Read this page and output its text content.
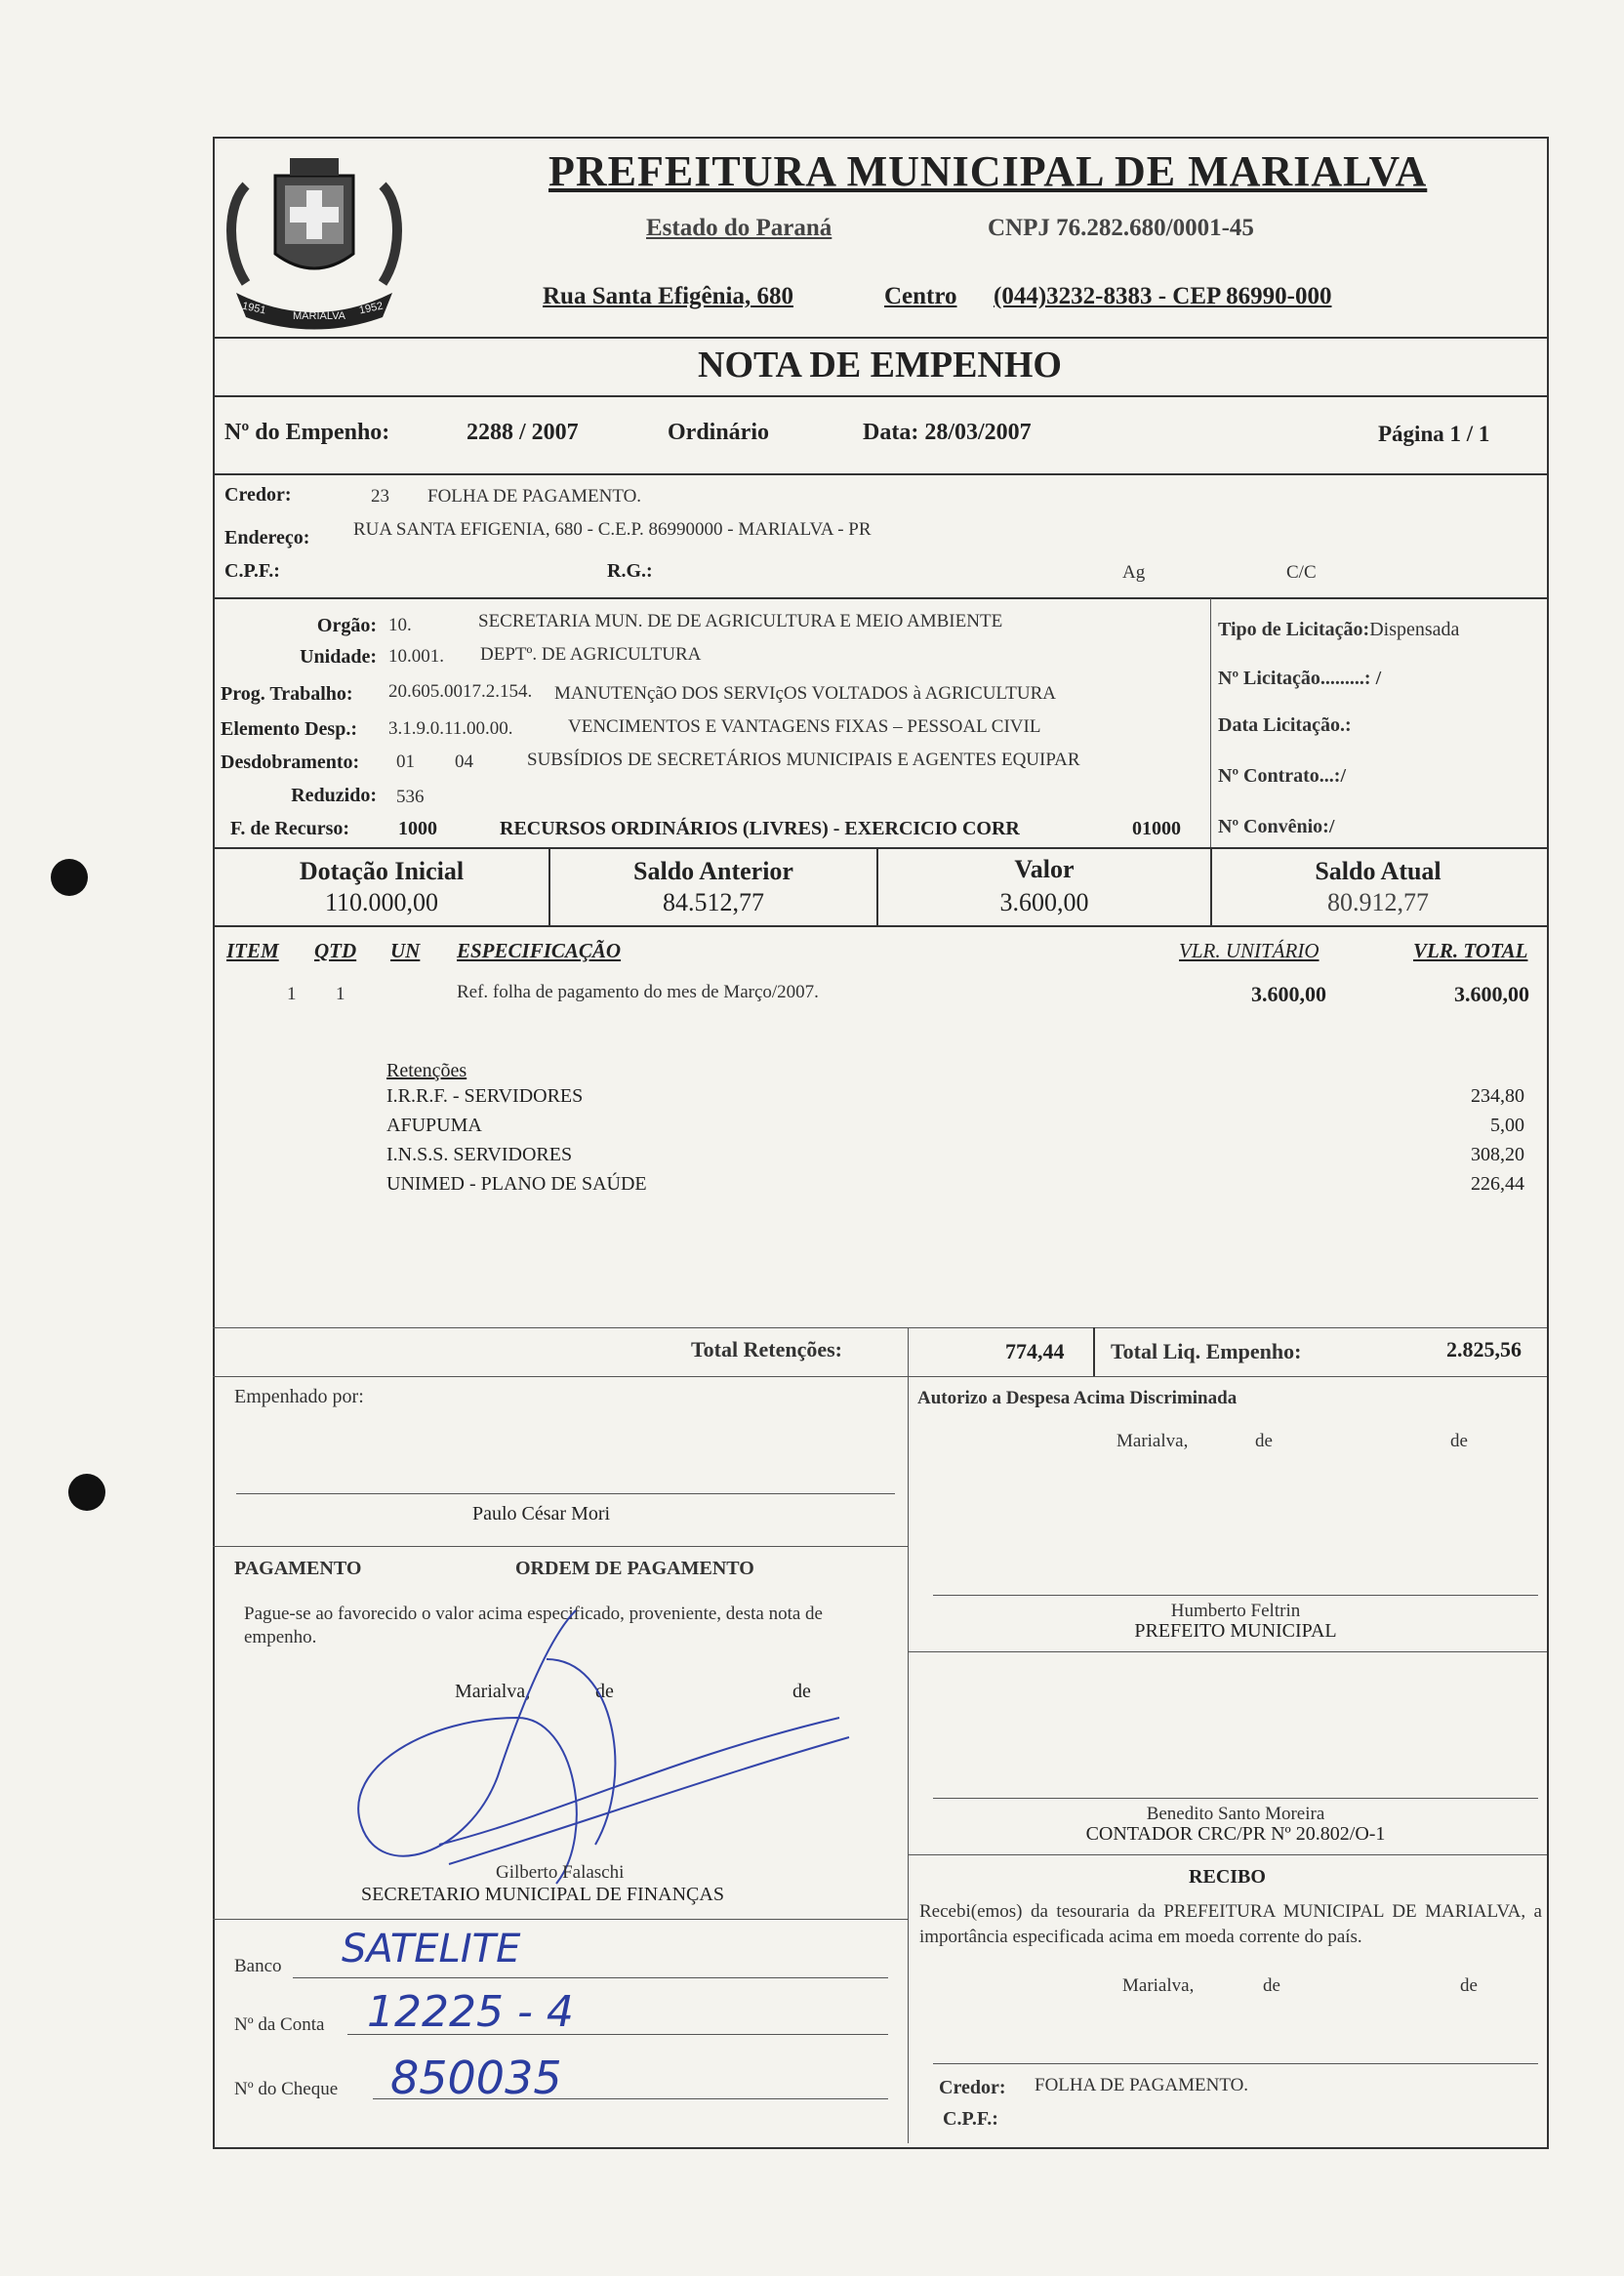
1951 MARIALVA 1952
PREFEITURA MUNICIPAL DE MARIALVA
Estado do Paraná	CNPJ 76.282.680/0001-45
Rua Santa Efigênia, 680	Centro (044)3232-8383 - CEP 86990-000
NOTA DE EMPENHO
Nº do Empenho:	2288 / 2007	Ordinário	Data: 28/03/2007	Página 1 / 1
Credor:	23 FOLHA DE PAGAMENTO.
Endereço: RUA SANTA EFIGENIA, 680 - C.E.P. 86990000 - MARIALVA - PR
C.P.F.:	R.G.:	Ag	C/C
Orgão: 10.	SECRETARIA MUN. DE DE AGRICULTURA E MEIO AMBIENTE
Unidade: 10.001. DEPTº. DE AGRICULTURA
Prog. Trabalho: 20.605.0017.2.154. MANUTENçãO DOS SERVIçOS VOLTADOS à AGRICULTURA
Elemento Desp.: 3.1.9.0.11.00.00.	VENCIMENTOS E VANTAGENS FIXAS – PESSOAL CIVIL
Desdobramento: 01 04	SUBSÍDIOS DE SECRETÁRIOS MUNICIPAIS E AGENTES EQUIPAR
Reduzido: 536
F. de Recurso: 1000	RECURSOS ORDINÁRIOS (LIVRES) - EXERCICIO CORR	01000
Tipo de Licitação:Dispensada
Nº Licitação.........: /
Data Licitação.:
Nº Contrato...:/
Nº Convênio:/
Dotação Inicial
110.000,00
Saldo Anterior
84.512,77
Valor
3.600,00
Saldo Atual
80.912,77
ITEM QTD UN ESPECIFICAÇÃO	VLR. UNITÁRIO	VLR. TOTAL
1 1	Ref. folha de pagamento do mes de Março/2007.	3.600,00	3.600,00
Retenções
I.R.R.F. - SERVIDORES	234,80
AFUPUMA	5,00
I.N.S.S. SERVIDORES	308,20
UNIMED - PLANO DE SAÚDE	226,44
Total Retenções:	774,44 Total Liq. Empenho:	2.825,56
Empenhado por:
Paulo César Mori
PAGAMENTO	ORDEM DE PAGAMENTO
Pague-se ao favorecido o valor acima especificado, proveniente, desta nota de empenho.
Marialva,	de	de
Gilberto Falaschi
SECRETARIO MUNICIPAL DE FINANÇAS
Banco SATELITE
Nº da Conta 12225 - 4
Nº do Cheque 850035
Autorizo a Despesa Acima Discriminada
Marialva,	de	de
Humberto Feltrin
PREFEITO MUNICIPAL
Benedito Santo Moreira
CONTADOR CRC/PR Nº 20.802/O-1
RECIBO
Recebi(emos) da tesouraria da PREFEITURA MUNICIPAL DE MARIALVA, a importância especificada acima em moeda corrente do país.
Marialva,	de	de
Credor: FOLHA DE PAGAMENTO.
C.P.F.:
